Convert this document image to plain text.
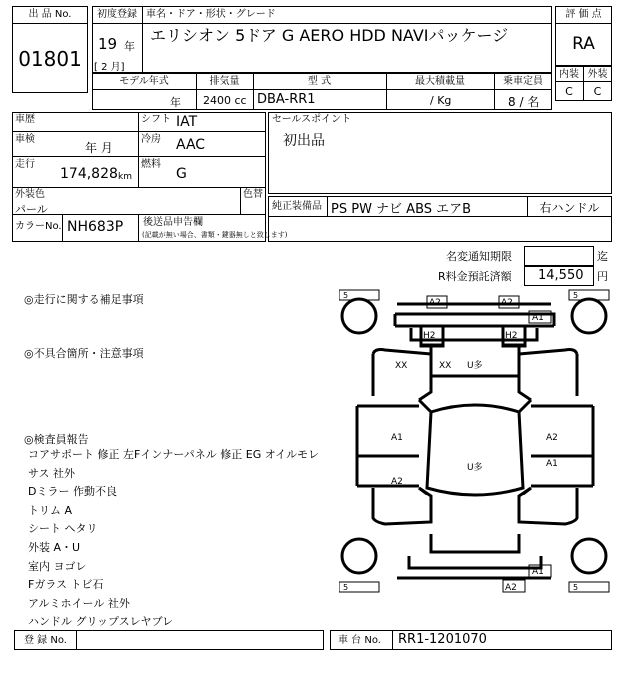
出 品 No.
01801
初度登録 車名・ドア・形状・グレード
19 年
[ 2 月]
エリシオン 5ドア G AERO HDD NAVIパッケージ
評 価 点
RA
内装 外装
C	C
モデル年式	排気量	型 式	最大積載量	乗車定員
年 2400 cc DBA-RR1	/ Kg	8 / 名
車歴	シフト IAT
車検
年 月
冷房 AAC
走行
174,828 km
燃料
G
外装色
パール
色替
カラーNo. NH683P 後送品申告欄
(記載が無い場合、書類・鍵器無しと致します)
セールスポイント
初出品
純正装備品 PS PW ナビ ABS エアB	右ハンドル
名変通知期限	迄
R料金預託済額 14,550 円
◎走行に関する補足事項
◎不具合箇所・注意事項
◎検査員報告
コアサポート 修正 左Fインナーパネル 修正 EG オイルモレ
サス 社外
Dミラー 作動不良
トリム A
シート ヘタリ
外装 A・U
室内 ヨゴレ
Fガラス トビ石
アルミホイール 社外
ハンドル グリップスレヤブレ
5	5
5	5
A2	A2
A1
H2	H2
XX	XX U多
A1
A2
A2
A1
U多
A1
A2
登 録 No.	車 台 No. RR1-1201070
